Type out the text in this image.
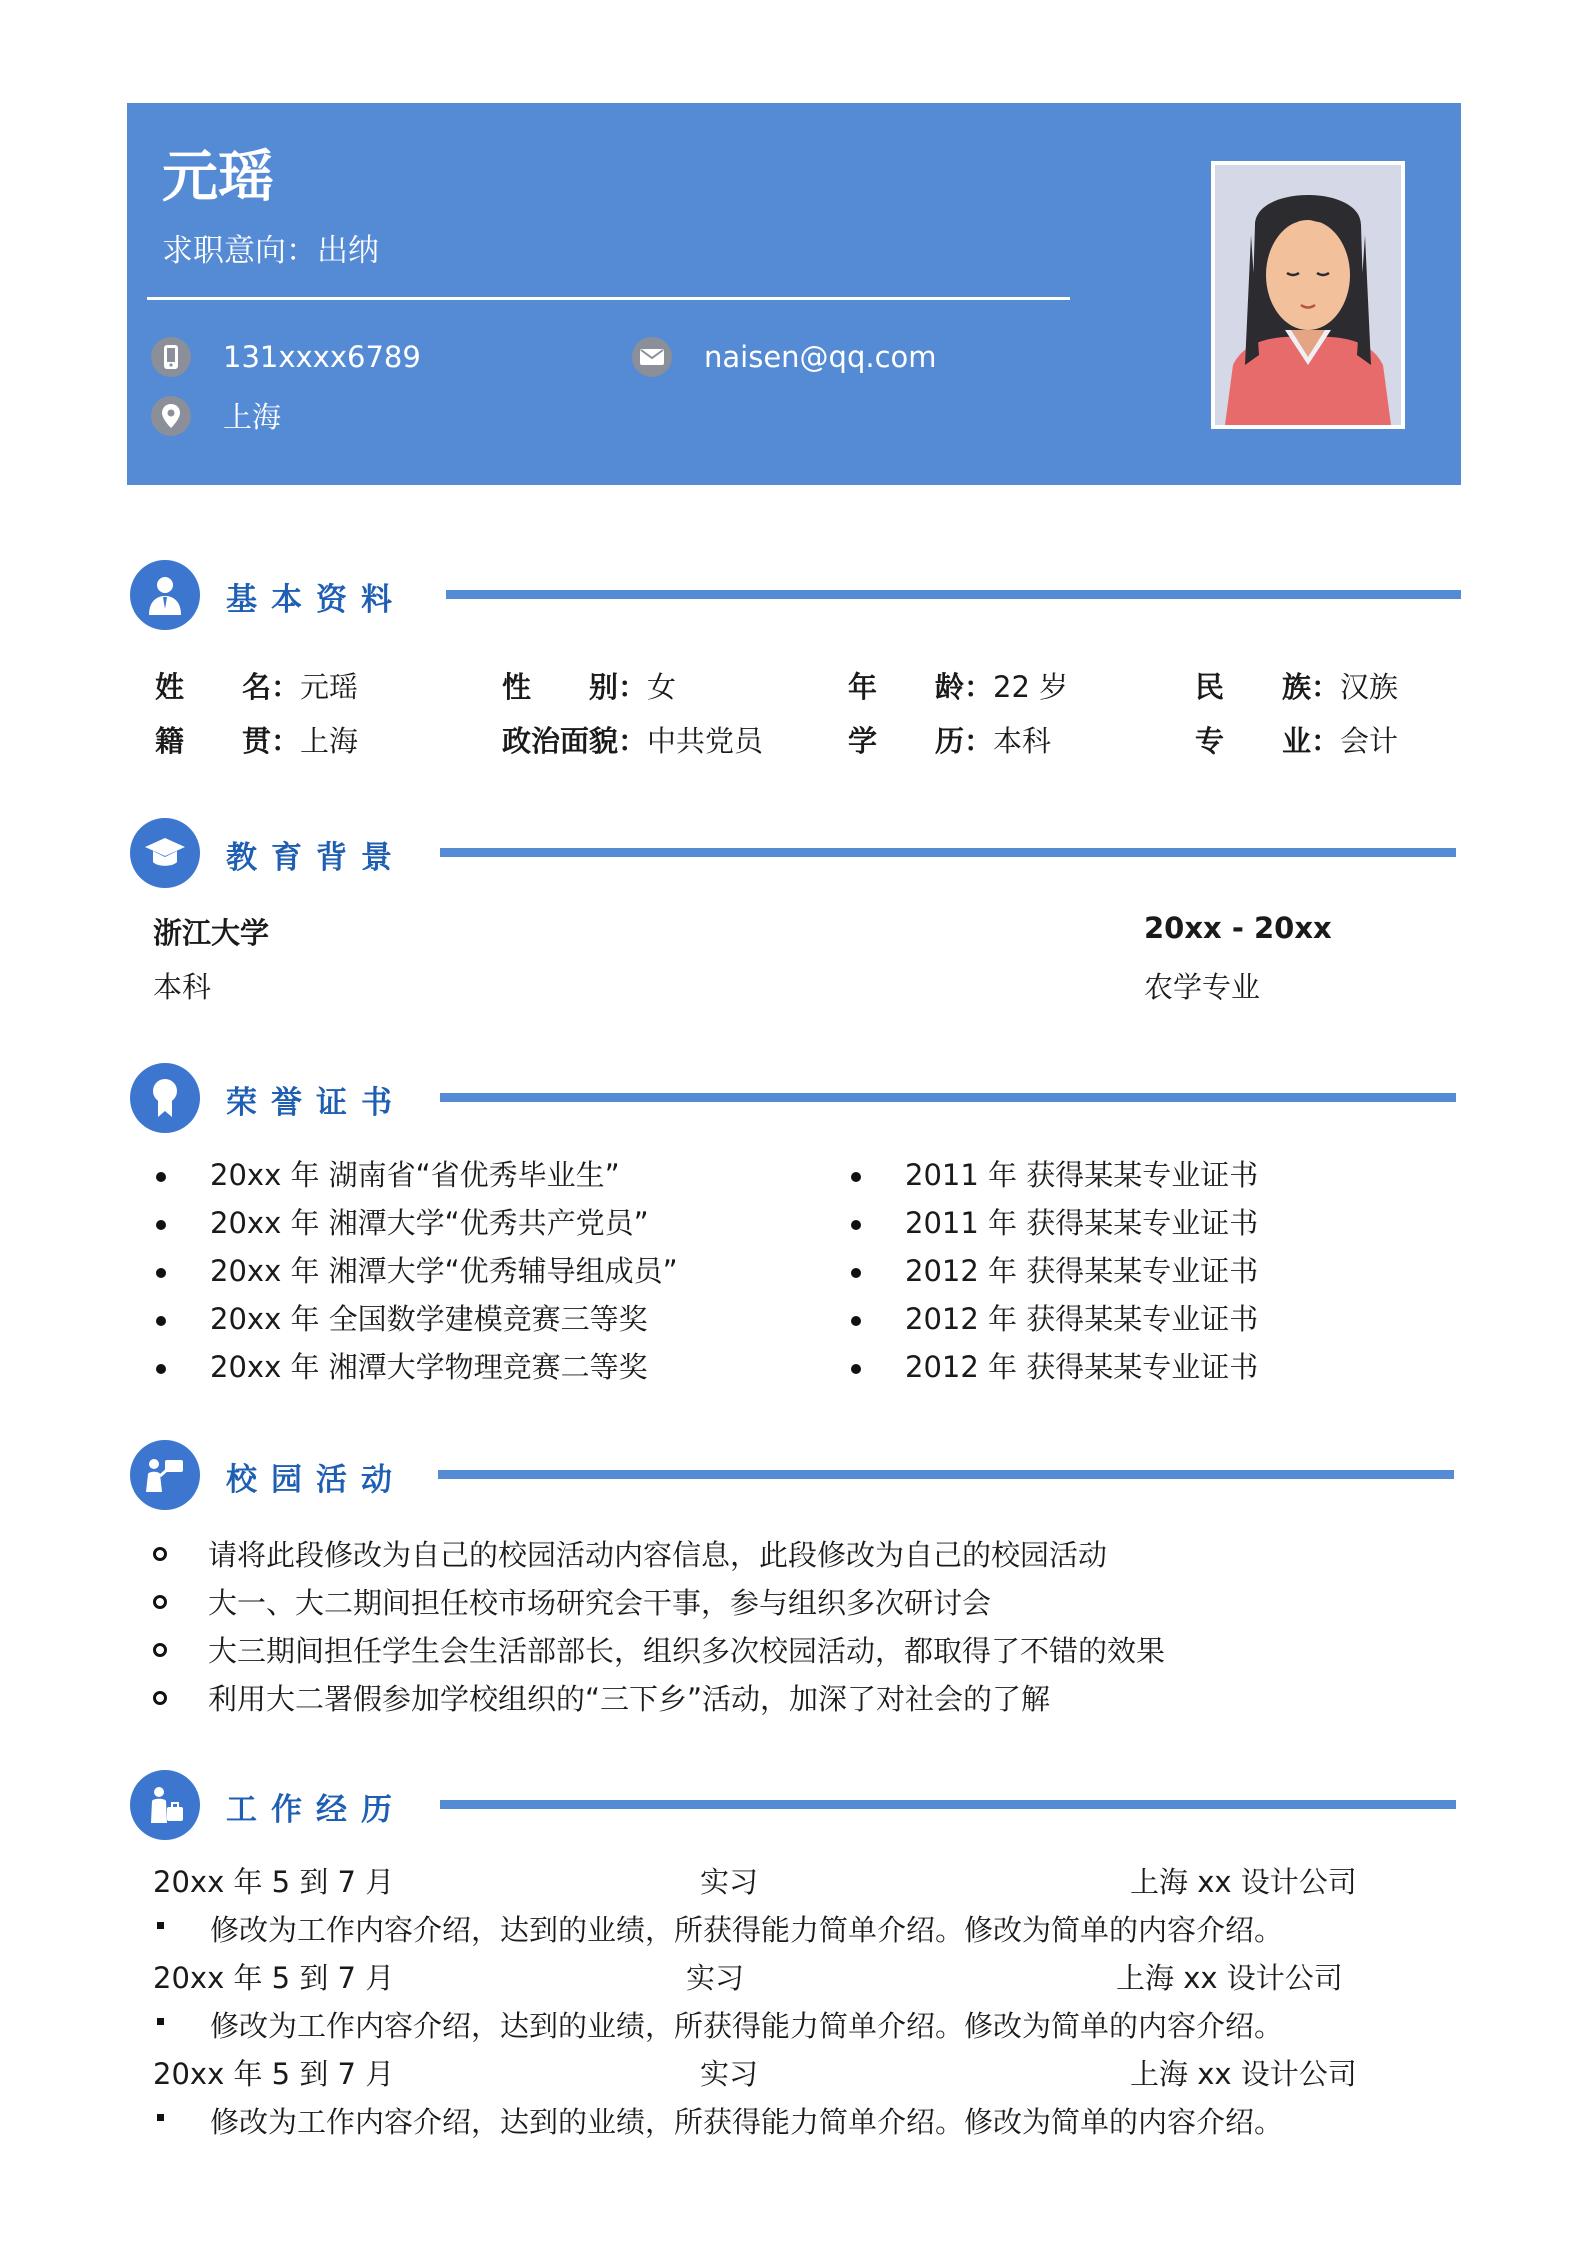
元瑶
求职意向：出纳
131xxxx6789	naisen@qq.com
上海
基本资料
姓　　名：元瑶	性　　别：女	年　　龄：22 岁	民　　族：汉族
籍　　贯：上海	政治面貌：中共党员	学　　历：本科	专　　业：会计
教育背景
浙江大学	20xx - 20xx
本科	农学专业
荣誉证书
20xx 年 湖南省“省优秀毕业生”
20xx 年 湘潭大学“优秀共产党员”
20xx 年 湘潭大学“优秀辅导组成员”
20xx 年 全国数学建模竞赛三等奖
20xx 年 湘潭大学物理竞赛二等奖
2011 年 获得某某专业证书
2011 年 获得某某专业证书
2012 年 获得某某专业证书
2012 年 获得某某专业证书
2012 年 获得某某专业证书
校园活动
请将此段修改为自己的校园活动内容信息，此段修改为自己的校园活动
大一、大二期间担任校市场研究会干事，参与组织多次研讨会
大三期间担任学生会生活部部长，组织多次校园活动，都取得了不错的效果
利用大二署假参加学校组织的“三下乡”活动，加深了对社会的了解
工作经历
20xx 年 5 到 7 月	实习	上海 xx 设计公司
修改为工作内容介绍，达到的业绩，所获得能力简单介绍。修改为简单的内容介绍。
20xx 年 5 到 7 月	实习	上海 xx 设计公司
修改为工作内容介绍，达到的业绩，所获得能力简单介绍。修改为简单的内容介绍。
20xx 年 5 到 7 月	实习	上海 xx 设计公司
修改为工作内容介绍，达到的业绩，所获得能力简单介绍。修改为简单的内容介绍。
